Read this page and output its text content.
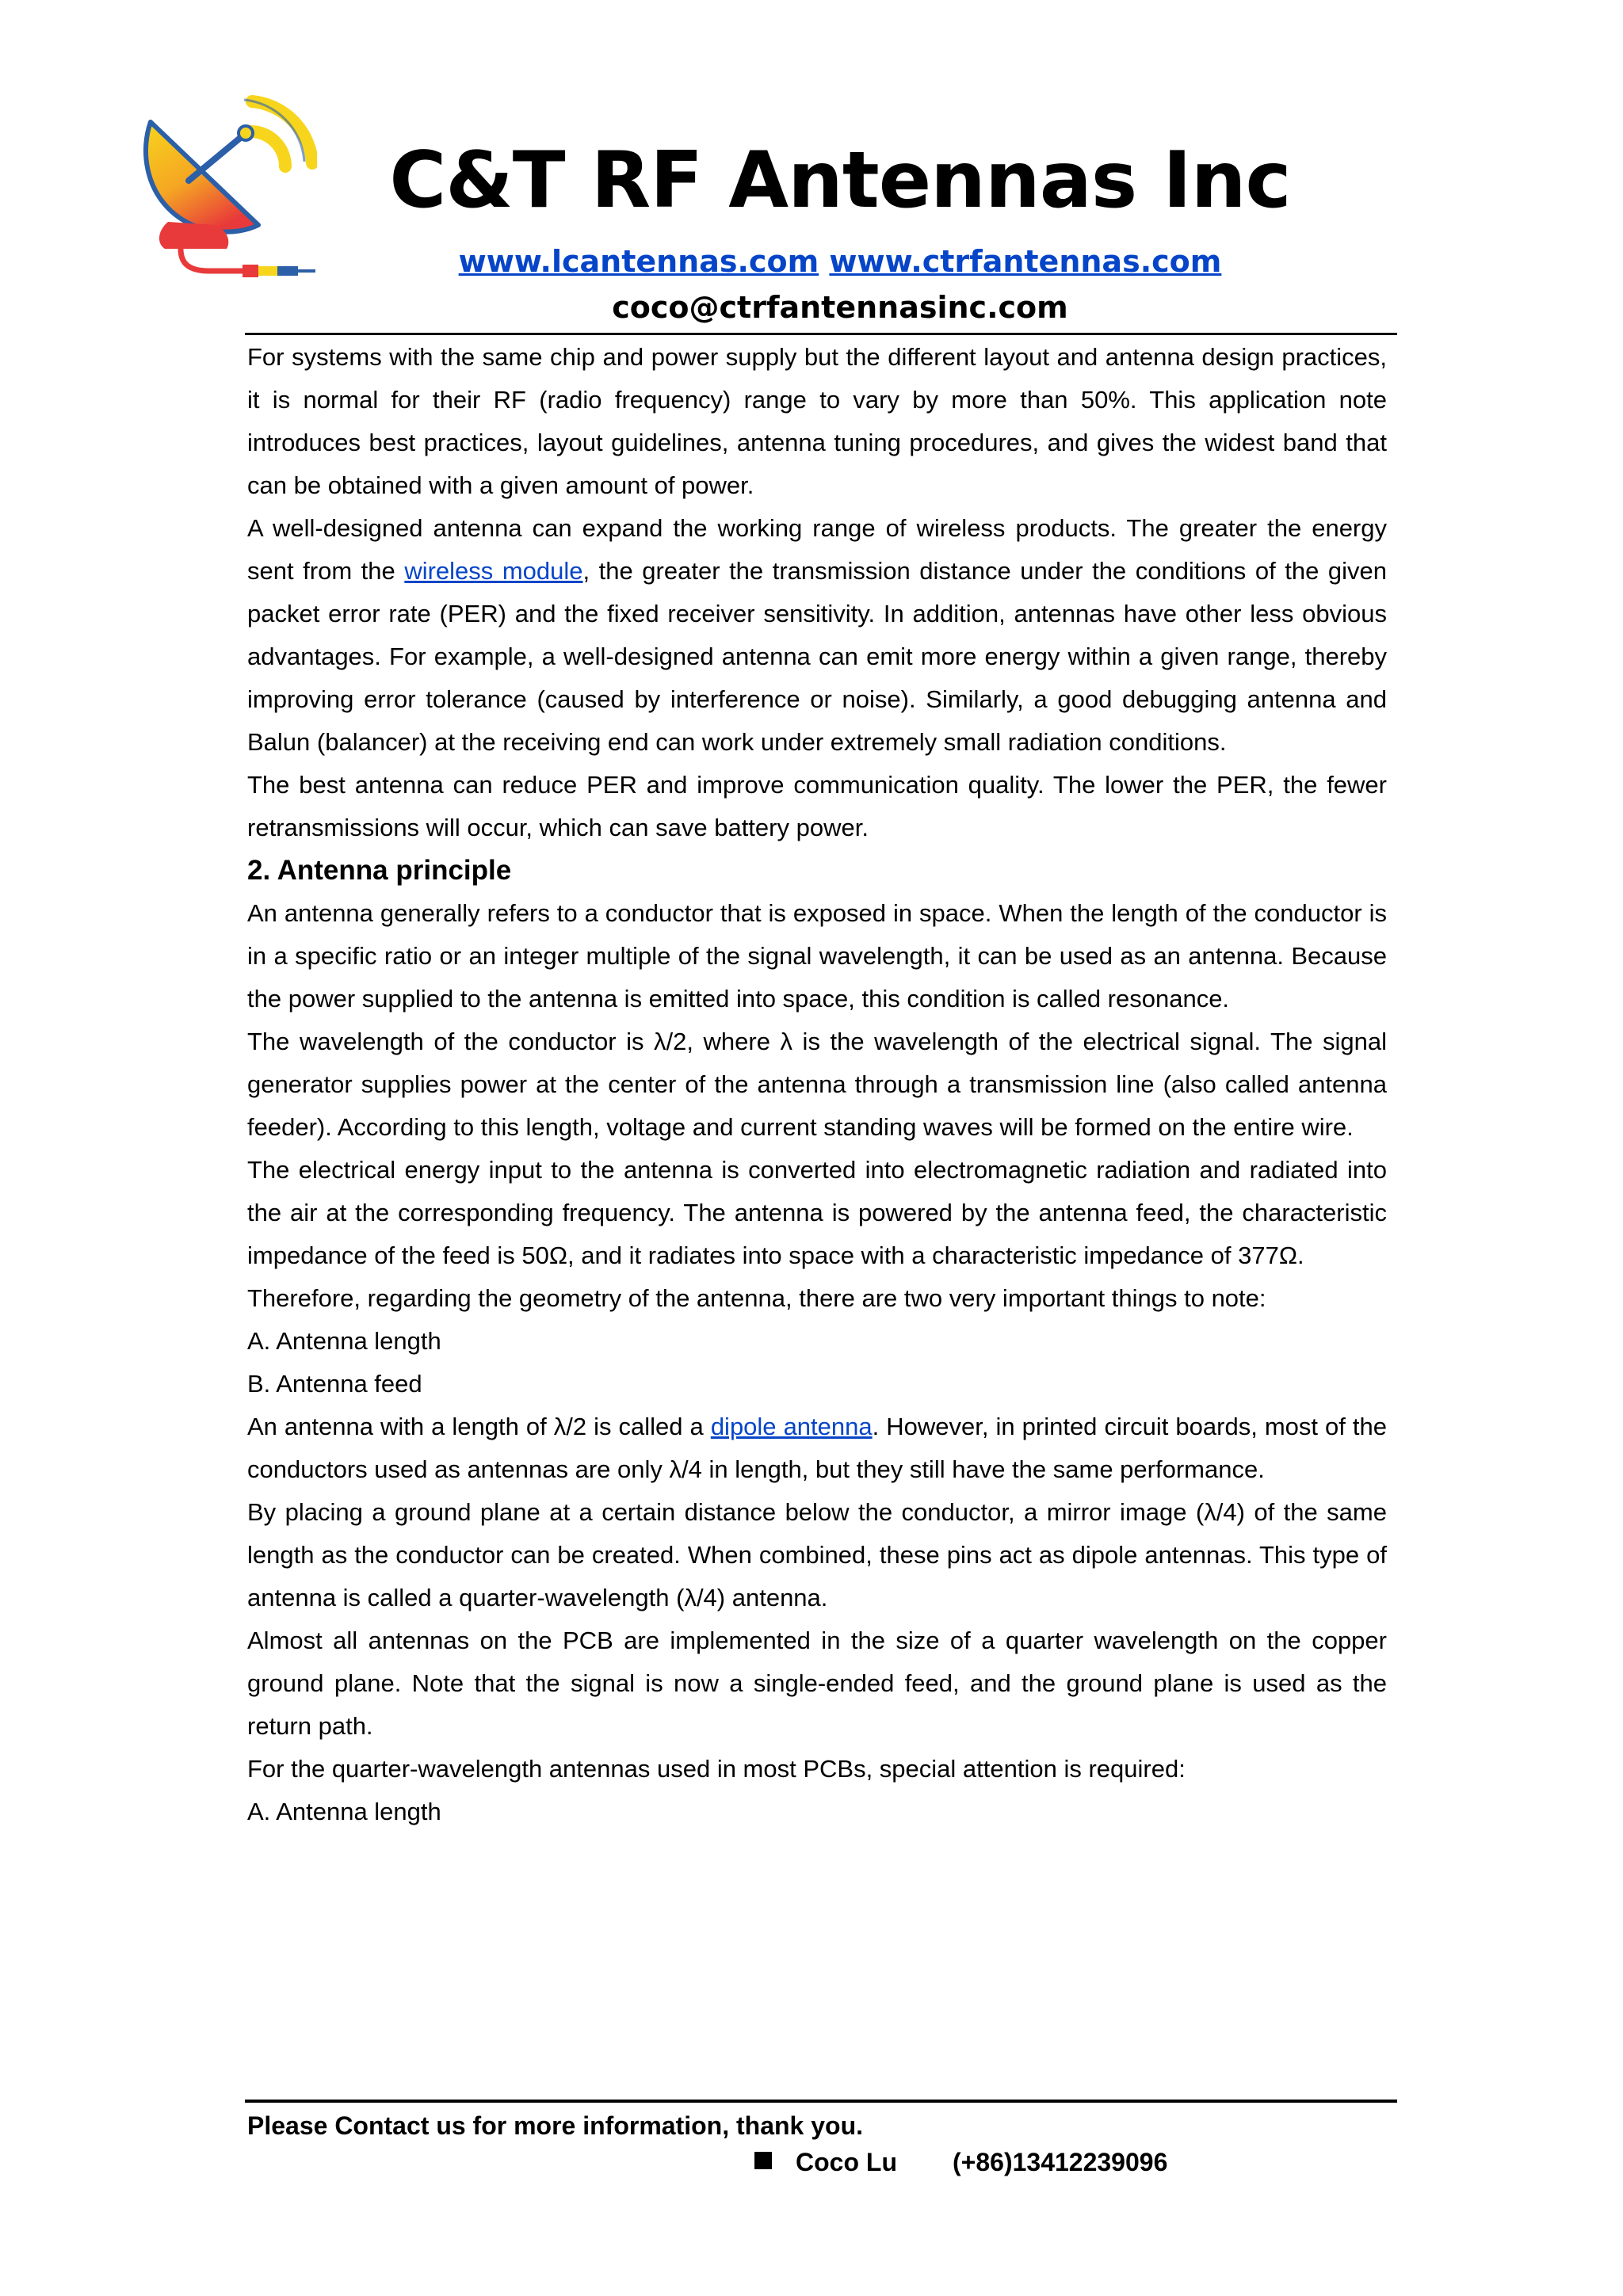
C&T RF Antennas Inc
www.lcantennas.com www.ctrfantennas.com
coco@ctrfantennasinc.com

For systems with the same chip and power supply but the different layout and antenna design practices, it is normal for their RF (radio frequency) range to vary by more than 50%. This application note introduces best practices, layout guidelines, antenna tuning procedures, and gives the widest band that can be obtained with a given amount of power.

A well-designed antenna can expand the working range of wireless products. The greater the energy sent from the wireless module, the greater the transmission distance under the conditions of the given packet error rate (PER) and the fixed receiver sensitivity. In addition, antennas have other less obvious advantages. For example, a well-designed antenna can emit more energy within a given range, thereby improving error tolerance (caused by interference or noise). Similarly, a good debugging antenna and Balun (balancer) at the receiving end can work under extremely small radiation conditions.

The best antenna can reduce PER and improve communication quality. The lower the PER, the fewer retransmissions will occur, which can save battery power.

2. Antenna principle

An antenna generally refers to a conductor that is exposed in space. When the length of the conductor is in a specific ratio or an integer multiple of the signal wavelength, it can be used as an antenna. Because the power supplied to the antenna is emitted into space, this condition is called resonance.

The wavelength of the conductor is λ/2, where λ is the wavelength of the electrical signal. The signal generator supplies power at the center of the antenna through a transmission line (also called antenna feeder). According to this length, voltage and current standing waves will be formed on the entire wire.

The electrical energy input to the antenna is converted into electromagnetic radiation and radiated into the air at the corresponding frequency. The antenna is powered by the antenna feed, the characteristic impedance of the feed is 50Ω, and it radiates into space with a characteristic impedance of 377Ω.

Therefore, regarding the geometry of the antenna, there are two very important things to note:

A. Antenna length

B. Antenna feed

An antenna with a length of λ/2 is called a dipole antenna. However, in printed circuit boards, most of the conductors used as antennas are only λ/4 in length, but they still have the same performance.

By placing a ground plane at a certain distance below the conductor, a mirror image (λ/4) of the same length as the conductor can be created. When combined, these pins act as dipole antennas. This type of antenna is called a quarter-wavelength (λ/4) antenna.

Almost all antennas on the PCB are implemented in the size of a quarter wavelength on the copper ground plane. Note that the signal is now a single-ended feed, and the ground plane is used as the return path.

For the quarter-wavelength antennas used in most PCBs, special attention is required:

A. Antenna length

Please Contact us for more information, thank you.
Coco Lu (+86)13412239096
